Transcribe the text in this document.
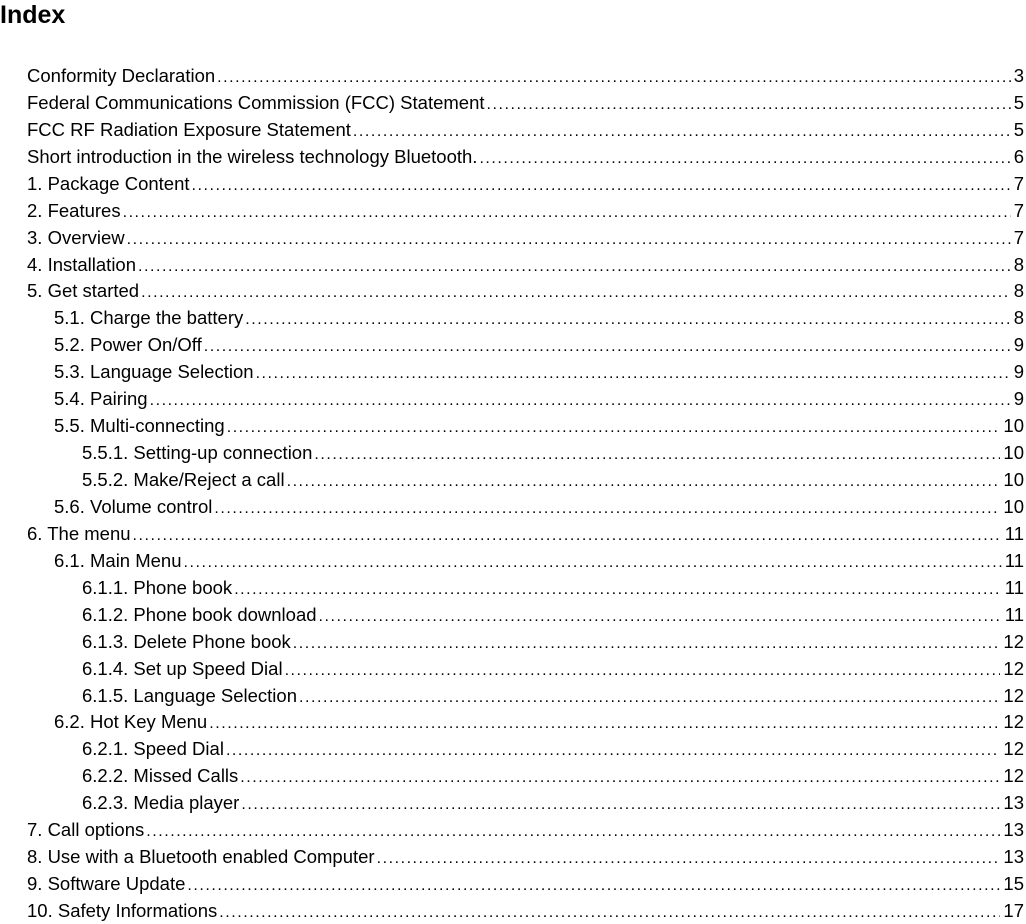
Index
Conformity Declaration . . .	3
Federal Communications Commission (FCC) Statement . . .	5
FCC RF Radiation Exposure Statement . . .	5
Short introduction in the wireless technology Bluetooth. . . .	6
1. Package Content . . .	7
2. Features . . .	7
3. Overview . . .	7
4. Installation . . .	8
5. Get started . . .	8
5.1. Charge the battery . . .	8
5.2. Power On/Off . . .	9
5.3. Language Selection . . .	9
5.4. Pairing . . .	9
5.5. Multi-connecting . . .	10
5.5.1. Setting-up connection . . .	10
5.5.2. Make/Reject a call . . .	10
5.6. Volume control . . .	10
6. The menu . . .	11
6.1. Main Menu . . .	11
6.1.1. Phone book . . .	11
6.1.2. Phone book download . . .	11
6.1.3. Delete Phone book . . .	12
6.1.4. Set up Speed Dial . . .	12
6.1.5. Language Selection . . .	12
6.2. Hot Key Menu . . .	12
6.2.1. Speed Dial . . .	12
6.2.2. Missed Calls . . .	12
6.2.3. Media player . . .	13
7. Call options . . .	13
8. Use with a Bluetooth enabled Computer . . .	13
9. Software Update . . .	15
10. Safety Informations . . .	17
